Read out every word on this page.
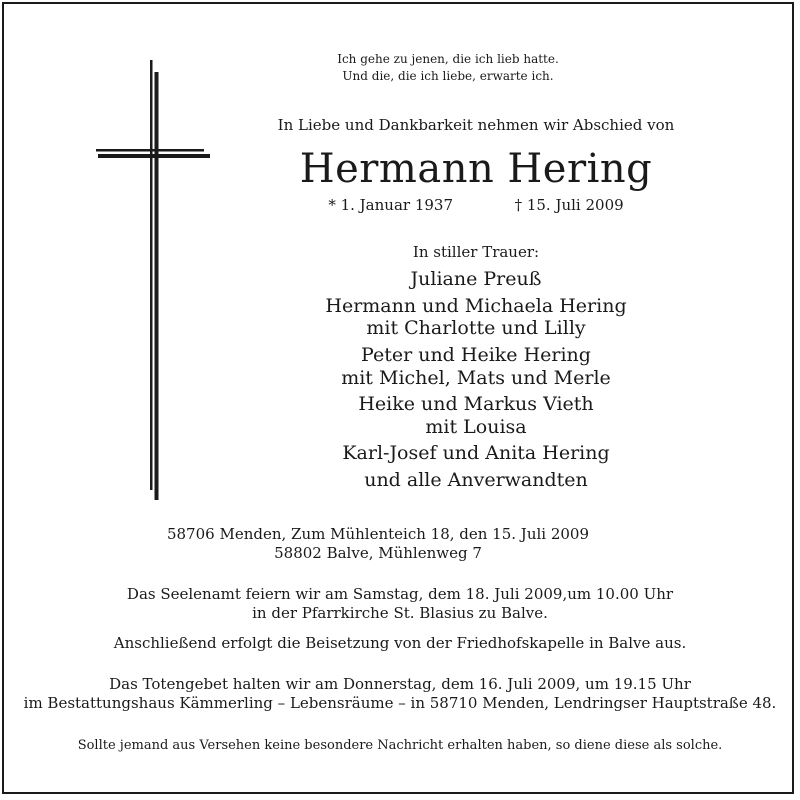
Ich gehe zu jenen, die ich lieb hatte.
Und die, die ich liebe, erwarte ich.
In Liebe und Dankbarkeit nehmen wir Abschied von
Hermann Hering
* 1. Januar 1937	† 15. Juli 2009
In stiller Trauer:
Juliane Preuß
Hermann und Michaela Hering
mit Charlotte und Lilly
Peter und Heike Hering
mit Michel, Mats und Merle
Heike und Markus Vieth
mit Louisa
Karl-Josef und Anita Hering
und alle Anverwandten
58706 Menden, Zum Mühlenteich 18, den 15. Juli 2009
58802 Balve, Mühlenweg 7
Das Seelenamt feiern wir am Samstag, dem 18. Juli 2009,um 10.00 Uhr
in der Pfarrkirche St. Blasius zu Balve.
Anschließend erfolgt die Beisetzung von der Friedhofskapelle in Balve aus.
Das Totengebet halten wir am Donnerstag, dem 16. Juli 2009, um 19.15 Uhr
im Bestattungshaus Kämmerling – Lebensräume – in 58710 Menden, Lendringser Hauptstraße 48.
Sollte jemand aus Versehen keine besondere Nachricht erhalten haben, so diene diese als solche.
